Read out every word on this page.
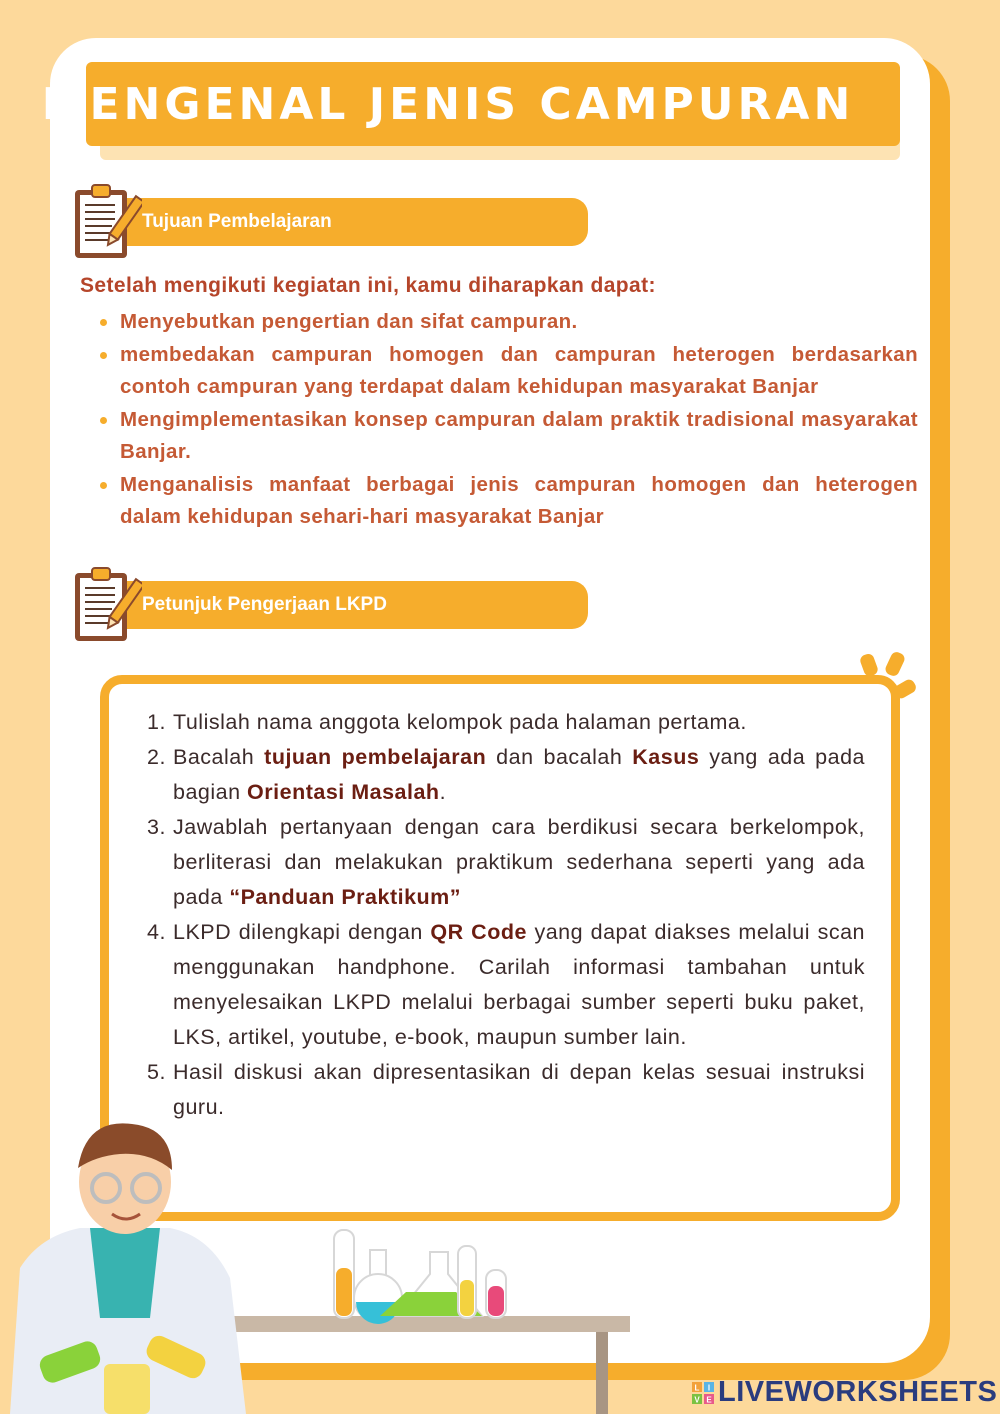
MENGENAL JENIS CAMPURAN
Tujuan Pembelajaran
Setelah mengikuti kegiatan ini, kamu diharapkan dapat:
Menyebutkan pengertian dan sifat campuran.
membedakan campuran homogen dan campuran heterogen berdasarkan contoh campuran yang terdapat dalam kehidupan masyarakat Banjar
Mengimplementasikan konsep campuran dalam praktik tradisional masyarakat Banjar.
Menganalisis manfaat berbagai jenis campuran homogen dan heterogen dalam kehidupan sehari-hari masyarakat Banjar
Petunjuk Pengerjaan LKPD
1. Tulislah nama anggota kelompok pada halaman pertama.
2. Bacalah tujuan pembelajaran dan bacalah Kasus yang ada pada bagian Orientasi Masalah.
3. Jawablah pertanyaan dengan cara berdikusi secara berkelompok, berliterasi dan melakukan praktikum sederhana seperti yang ada pada “Panduan Praktikum”
4. LKPD dilengkapi dengan QR Code yang dapat diakses melalui scan menggunakan handphone. Carilah informasi tambahan untuk menyelesaikan LKPD melalui berbagai sumber seperti buku paket, LKS, artikel, youtube, e-book, maupun sumber lain.
5. Hasil diskusi akan dipresentasikan di depan kelas sesuai instruksi guru.
L I
V E LIVEWORKSHEETS
